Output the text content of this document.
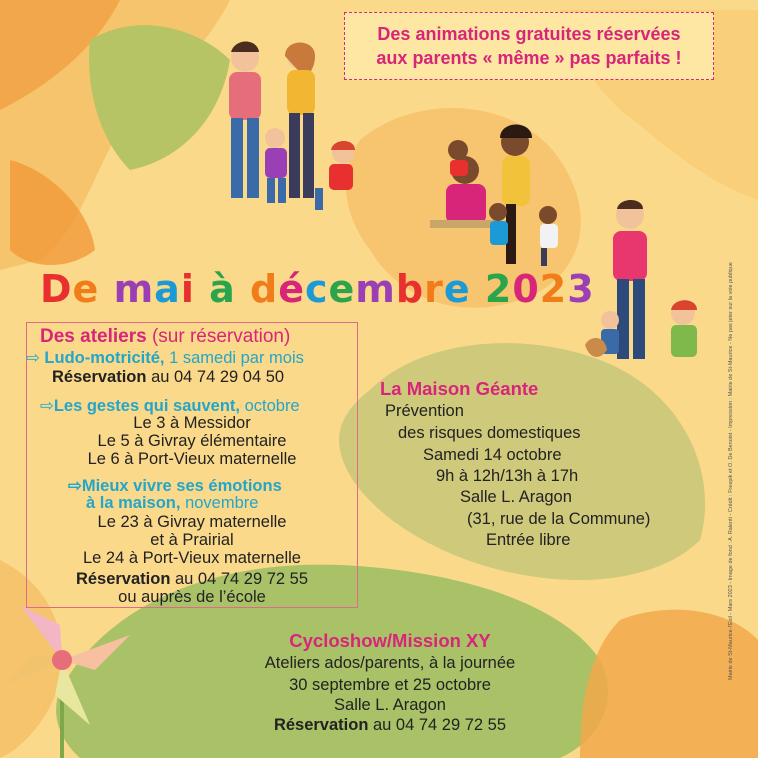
Des animations gratuites réservées
aux parents « même » pas parfaits !
De mai à décembre 2023
Des ateliers (sur réservation)
⇨ Ludo-motricité, 1 samedi par mois
Réservation au 04 74 29 04 50
⇨Les gestes qui sauvent, octobre
Le 3 à Messidor
Le 5 à Givray élémentaire
Le 6 à Port-Vieux maternelle
⇨Mieux vivre ses émotions
à la maison, novembre
Le 23 à Givray maternelle
et à Prairial
Le 24 à Port-Vieux maternelle
Réservation au 04 74 29 72 55
ou auprès de l’école
La Maison Géante
Prévention
des risques domestiques
Samedi 14 octobre
9h à 12h/13h à 17h
Salle L. Aragon
(31, rue de la Commune)
Entrée libre
Cycloshow/Mission XY
Ateliers ados/parents, à la journée
30 septembre et 25 octobre
Salle L. Aragon
Réservation au 04 74 29 72 55
Mairie de St-Maurice-l’Exil - Mars 2023 - Image de fond : A. Ralenti - Crédit : Freepik et O. De Benoist - Impression : Mairie de St-Maurice - Ne pas jeter sur la voie publique
